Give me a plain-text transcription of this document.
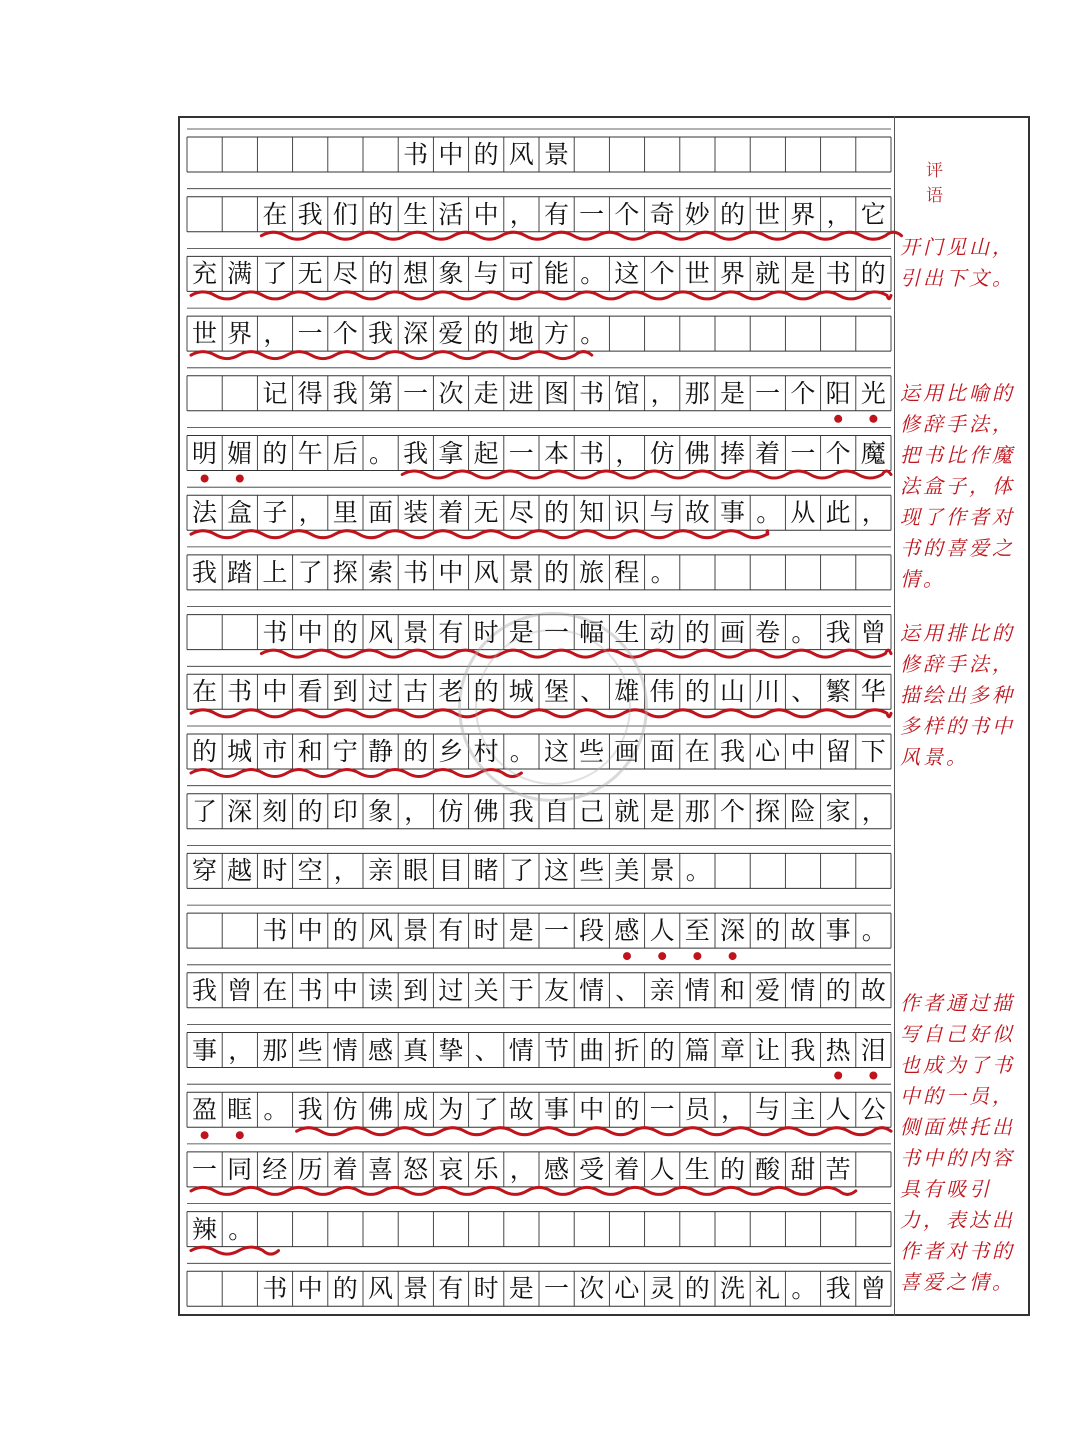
书 中 的 风 景
在 我 们 的 生 活 中 ， 有 一 个 奇 妙 的 世 界 ， 它
充 满 了 无 尽 的 想 象 与 可 能 。 这 个 世 界 就 是 书 的
世 界 ， 一 个 我 深 爱 的 地 方 。
记 得 我 第 一 次 走 进 图 书 馆 ， 那 是 一 个 阳 光
明 媚 的 午 后 。 我 拿 起 一 本 书 ， 仿 佛 捧 着 一 个 魔
法 盒 子 ， 里 面 装 着 无 尽 的 知 识 与 故 事 。 从 此 ，
我 踏 上 了 探 索 书 中 风 景 的 旅 程 。
书 中 的 风 景 有 时 是 一 幅 生 动 的 画 卷 。 我 曾
在 书 中 看 到 过 古 老 的 城 堡 、 雄 伟 的 山 川 、 繁 华
的 城 市 和 宁 静 的 乡 村 。 这 些 画 面 在 我 心 中 留 下
了 深 刻 的 印 象 ， 仿 佛 我 自 己 就 是 那 个 探 险 家 ，
穿 越 时 空 ， 亲 眼 目 睹 了 这 些 美 景 。
书 中 的 风 景 有 时 是 一 段 感 人 至 深 的 故 事 。
我 曾 在 书 中 读 到 过 关 于 友 情 、 亲 情 和 爱 情 的 故
事 ， 那 些 情 感 真 挚 、 情 节 曲 折 的 篇 章 让 我 热 泪
盈 眶 。 我 仿 佛 成 为 了 故 事 中 的 一 员 ， 与 主 人 公
一 同 经 历 着 喜 怒 哀 乐 ， 感 受 着 人 生 的 酸 甜 苦
辣 。
书 中 的 风 景 有 时 是 一 次 心 灵 的 洗 礼 。 我 曾
评 语
开门见山，引出下文。
运用比喻的修辞手法，把书比作魔法盒子，体现了作者对书的喜爱之情。
运用排比的修辞手法，描绘出多种多样的书中风景。
作者通过描写自己好似也成为了书中的一员，侧面烘托出书中的内容具有吸引力，表达出作者对书的喜爱之情。
